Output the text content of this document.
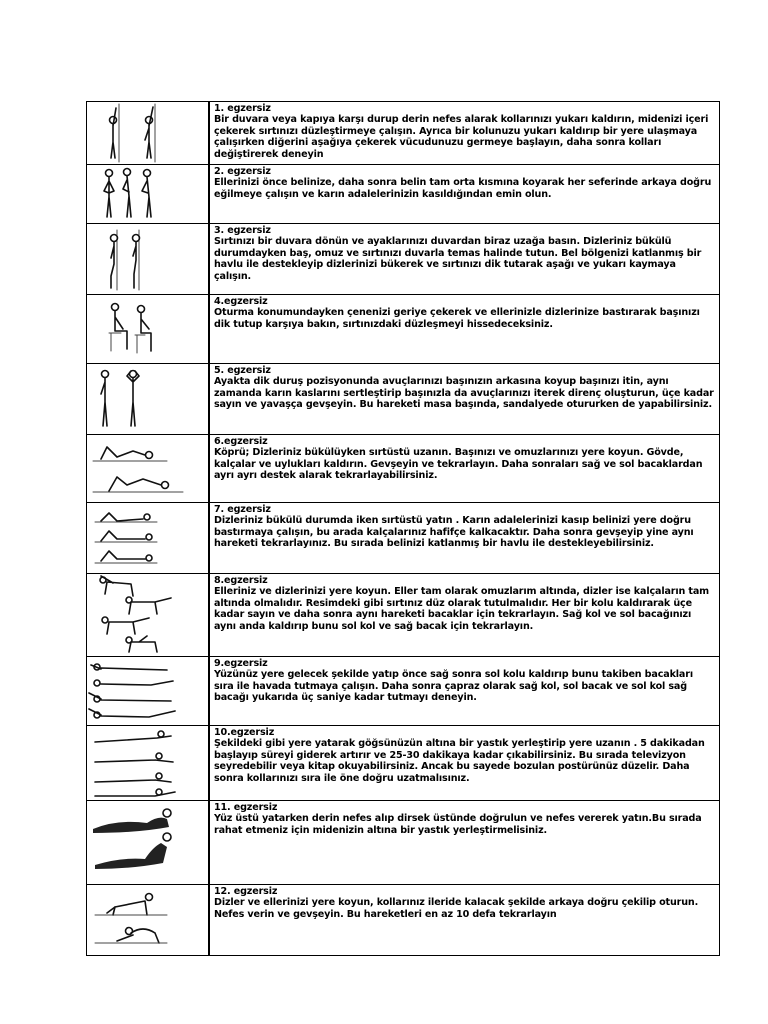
1. egzersiz
Bir duvara veya kapıya karşı durup derin nefes alarak kollarınızı yukarı kaldırın, midenizi içeri çekerek sırtınızı düzleştirmeye çalışın. Ayrıca bir kolunuzu yukarı kaldırıp bir yere ulaşmaya çalışırken diğerini aşağıya çekerek vücudunuzu germeye başlayın, daha sonra kolları değiştirerek deneyin

2. egzersiz
Ellerinizi önce belinize, daha sonra belin tam orta kısmına koyarak her seferinde arkaya doğru eğilmeye çalışın ve karın adalelerinizin kasıldığından emin olun.

3. egzersiz
Sırtınızı bir duvara dönün ve ayaklarınızı duvardan biraz uzağa basın. Dizleriniz bükülü durumdayken baş, omuz ve sırtınızı duvarla temas halinde tutun. Bel bölgenizi katlanmış bir havlu ile destekleyip dizlerinizi bükerek ve sırtınızı dik tutarak aşağı ve yukarı kaymaya çalışın.

4.egzersiz
Oturma konumundayken çenenizi geriye çekerek ve ellerinizle dizlerinize bastırarak başınızı dik tutup karşıya bakın, sırtınızdaki düzleşmeyi hissedeceksiniz.

5. egzersiz
Ayakta dik duruş pozisyonunda avuçlarınızı başınızın arkasına koyup başınızı itin, aynı zamanda karın kaslarını sertleştirip başınızla da avuçlarınızı iterek direnç oluşturun, üçe kadar sayın ve yavaşça gevşeyin. Bu hareketi masa başında, sandalyede otururken de yapabilirsiniz.

6.egzersiz
Köprü; Dizleriniz bükülüyken sırtüstü uzanın. Başınızı ve omuzlarınızı yere koyun. Gövde, kalçalar ve uylukları kaldırın. Gevşeyin ve tekrarlayın. Daha sonraları sağ ve sol bacaklardan ayrı ayrı destek alarak tekrarlayabilirsiniz.

7. egzersiz
Dizleriniz bükülü durumda iken sırtüstü yatın . Karın adalelerinizi kasıp belinizi yere doğru bastırmaya çalışın, bu arada kalçalarınız hafifçe kalkacaktır. Daha sonra gevşeyip yine aynı hareketi tekrarlayınız. Bu sırada belinizi katlanmış bir havlu ile destekleyebilirsiniz.

8.egzersiz
Elleriniz ve dizlerinizi yere koyun. Eller tam olarak omuzlarım altında, dizler ise kalçaların tam altında olmalıdır. Resimdeki gibi sırtınız düz olarak tutulmalıdır. Her bir kolu kaldırarak üçe kadar sayın ve daha sonra aynı hareketi bacaklar için tekrarlayın. Sağ kol ve sol bacağınızı aynı anda kaldırıp bunu sol kol ve sağ bacak için tekrarlayın.

9.egzersiz
Yüzünüz yere gelecek şekilde yatıp önce sağ sonra sol kolu kaldırıp bunu takiben bacakları sıra ile havada tutmaya çalışın. Daha sonra çapraz olarak sağ kol, sol bacak ve sol kol sağ bacağı yukarıda üç saniye kadar tutmayı deneyin.

10.egzersiz
Şekildeki gibi yere yatarak göğsünüzün altına bir yastık yerleştirip yere uzanın . 5 dakikadan başlayıp süreyi giderek artırır ve 25-30 dakikaya kadar çıkabilirsiniz. Bu sırada televizyon seyredebilir veya kitap okuyabilirsiniz. Ancak bu sayede bozulan postürünüz düzelir. Daha sonra kollarınızı sıra ile öne doğru uzatmalısınız.

11. egzersiz
Yüz üstü yatarken derin nefes alıp dirsek üstünde doğrulun ve nefes vererek yatın.Bu sırada rahat etmeniz için midenizin altına bir yastık yerleştirmelisiniz.

12. egzersiz
Dizler ve ellerinizi yere koyun, kollarınız ileride kalacak şekilde arkaya doğru çekilip oturun. Nefes verin ve gevşeyin. Bu hareketleri en az 10 defa tekrarlayın
